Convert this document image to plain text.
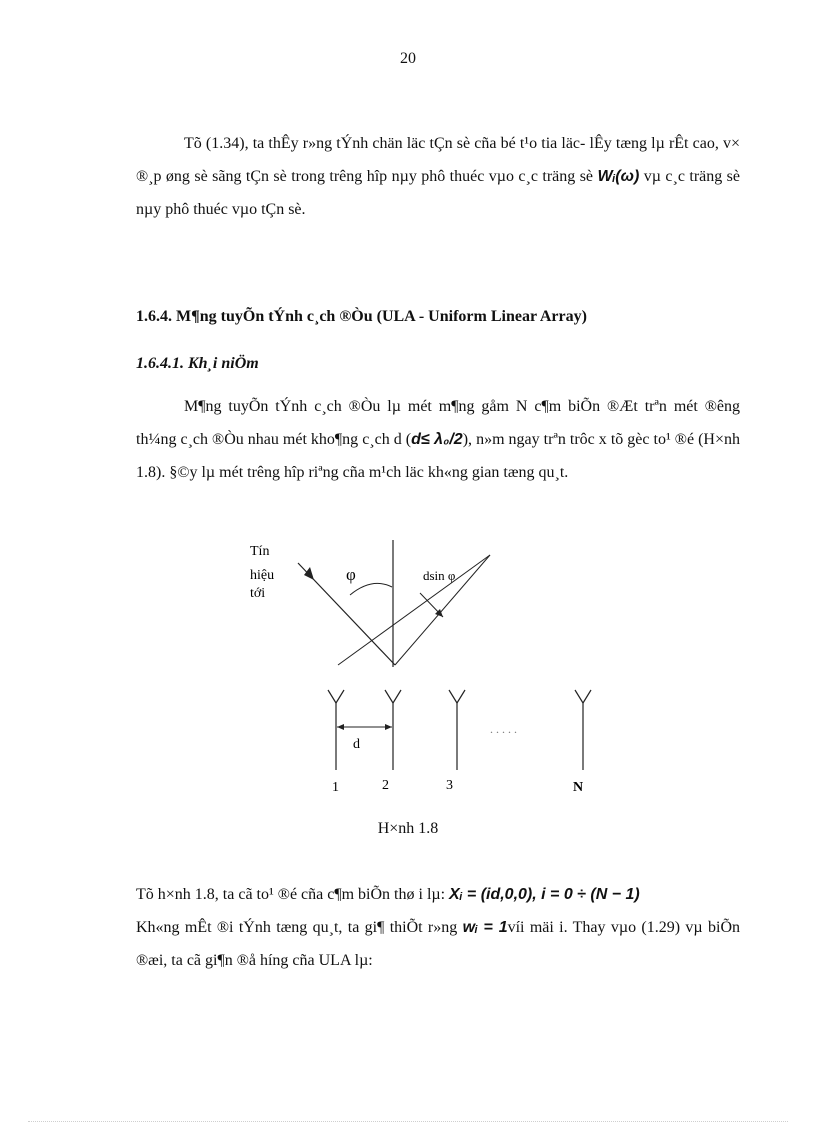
20

Tõ (1.34), ta thÊy r»ng tÝnh chän läc tÇn sè cña bé t¹o tia läc- lÊy tæng lµ rÊt cao, v× ®¸p øng sè sãng tÇn sè trong trêng hîp nµy phô thuéc vµo c¸c träng sè Wᵢ(ω) vµ c¸c träng sè nµy phô thuéc vµo tÇn sè.

1.6.4. M¶ng tuyÕn tÝnh c¸ch ®Òu (ULA - Uniform Linear Array)
1.6.4.1. Kh¸i niÖm

M¶ng tuyÕn tÝnh c¸ch ®Òu lµ mét m¶ng gåm N c¶m biÕn ®Æt trªn mét ®êng th¼ng c¸ch ®Òu nhau mét kho¶ng c¸ch d (d≤ λ₀/2), n»m ngay trªn trôc x tõ gèc to¹ ®é (H×nh 1.8). §©y lµ mét trêng hîp riªng cña m¹ch läc kh«ng gian tæng qu¸t.

Tín
hiệu
tới
φ	dsin φ
d
. . . . .
1	2	3	N
H×nh 1.8

Tõ h×nh 1.8, ta cã to¹ ®é cña c¶m biÕn thø i lµ: Xᵢ = (id,0,0), i = 0 ÷ (N − 1)
Kh«ng mÊt ®i tÝnh tæng qu¸t, ta gi¶ thiÕt r»ng wᵢ = 1víi mäi i. Thay vµo (1.29) vµ biÕn ®æi, ta cã gi¶n ®å híng cña ULA lµ:
